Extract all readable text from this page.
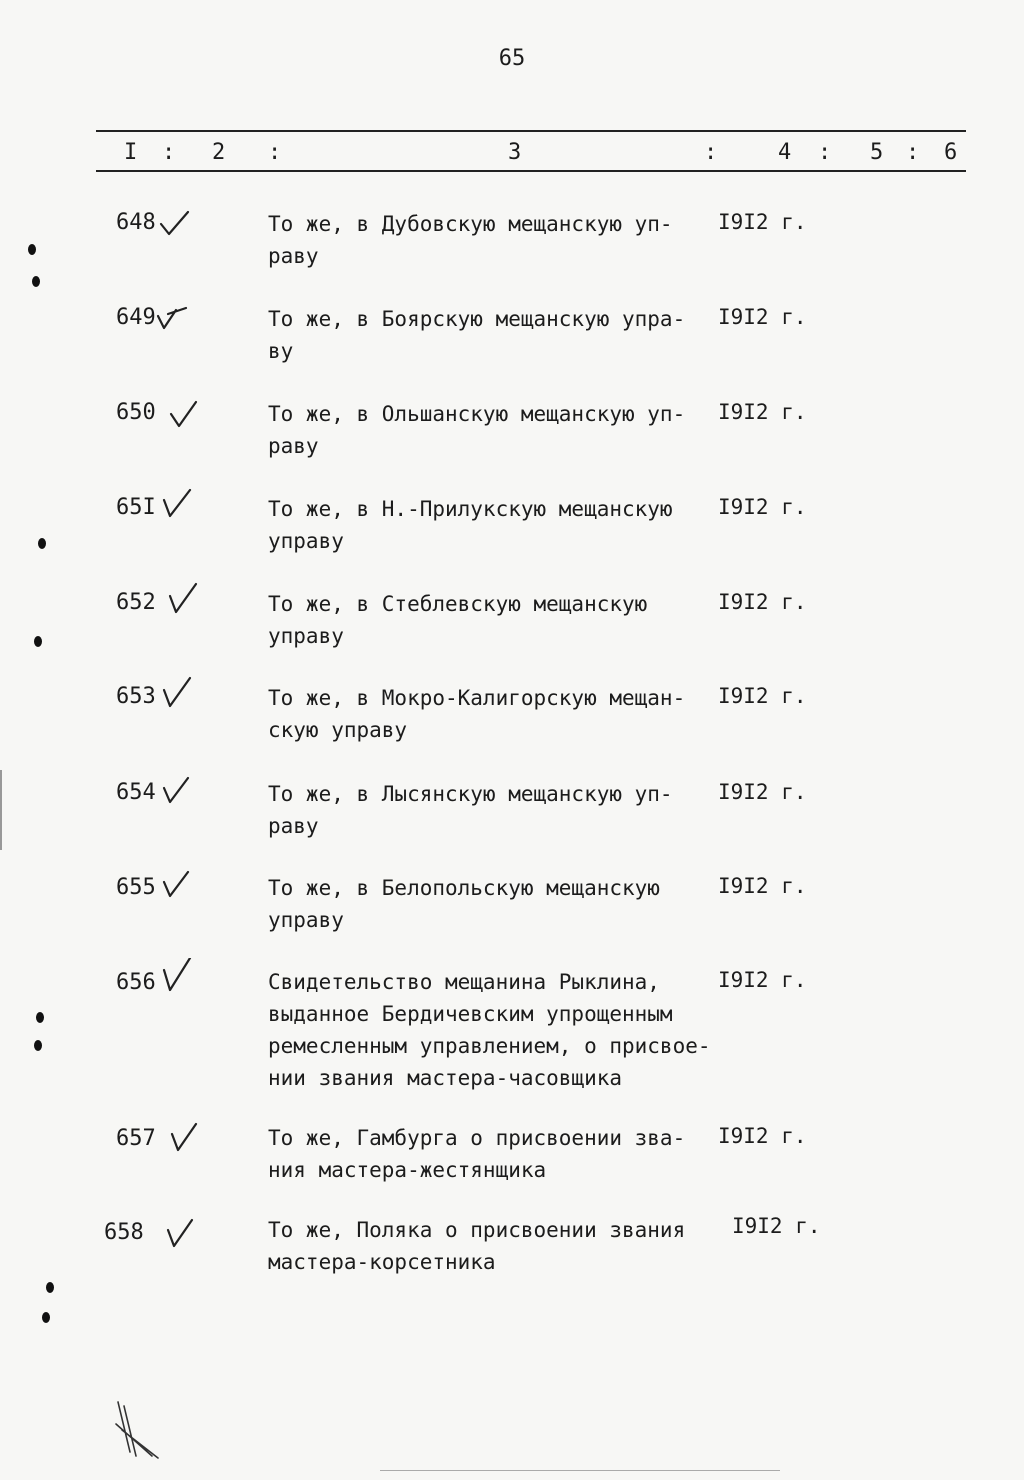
65
I : 2 :	3	:	4 : 5 : 6
648	То же, в Дубовскую мещанскую уп-
раву
I9I2 г.
649	То же, в Боярскую мещанскую упра-
ву
I9I2 г.
650	То же, в Ольшанскую мещанскую уп-
раву
I9I2 г.
65I	То же, в Н.-Прилукскую мещанскую
управу
I9I2 г.
652	То же, в Стеблевскую мещанскую
управу
I9I2 г.
653	То же, в Мокро-Калигорскую мещан-
скую управу
I9I2 г.
654	То же, в Лысянскую мещанскую уп-
раву
I9I2 г.
655	То же, в Белопольскую мещанскую
управу
I9I2 г.
656	Свидетельство мещанина Рыклина,
выданное Бердичевским упрощенным
ремесленным управлением, о присвое-
нии звания мастера-часовщика
I9I2 г.
657	То же, Гамбурга о присвоении зва-
ния мастера-жестянщика
I9I2 г.
658	То же, Поляка о присвоении звания
мастера-корсетника
I9I2 г.
